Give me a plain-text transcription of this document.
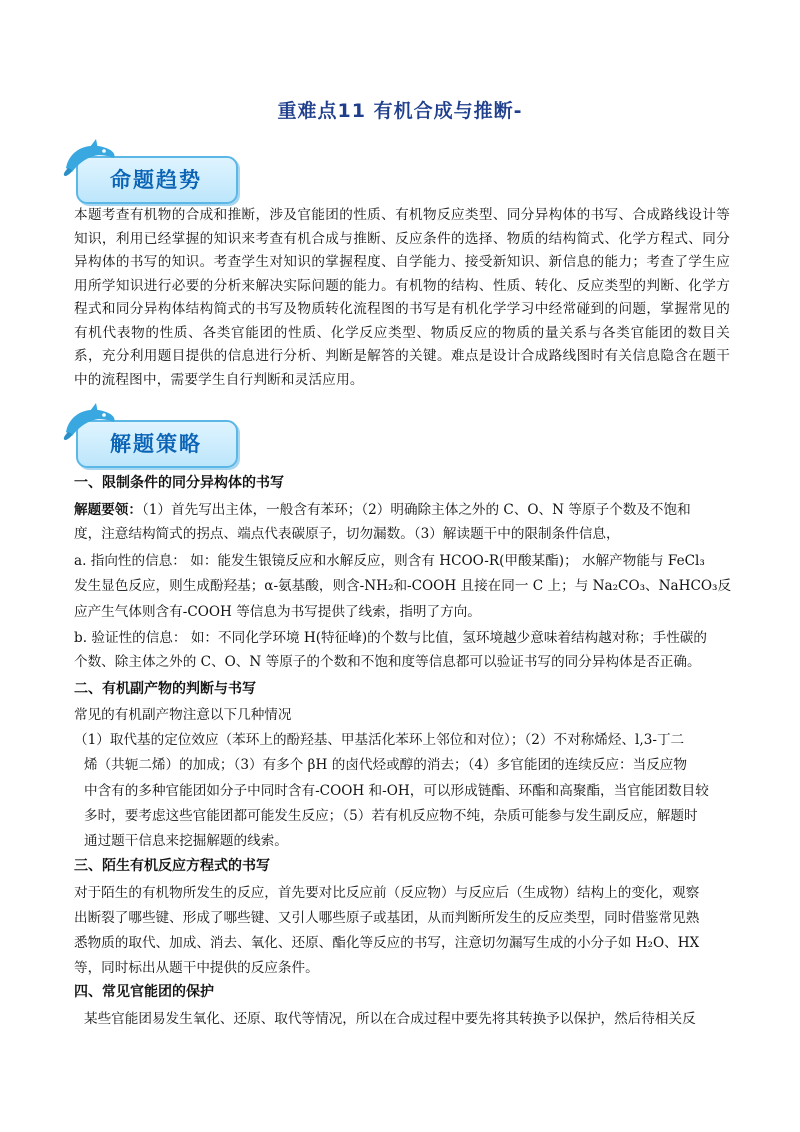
重难点11 有机合成与推断-
命题趋势
本题考查有机物的合成和推断，涉及官能团的性质、有机物反应类型、同分异构体的书写、合成路线设计等知识，利用已经掌握的知识来考查有机合成与推断、反应条件的选择、物质的结构简式、化学方程式、同分异构体的书写的知识。考查学生对知识的掌握程度、自学能力、接受新知识、新信息的能力；考查了学生应用所学知识进行必要的分析来解决实际问题的能力。有机物的结构、性质、转化、反应类型的判断、化学方程式和同分异构体结构简式的书写及物质转化流程图的书写是有机化学学习中经常碰到的问题，掌握常见的有机代表物的性质、各类官能团的性质、化学反应类型、物质反应的物质的量关系与各类官能团的数目关系，充分利用题目提供的信息进行分析、判断是解答的关键。难点是设计合成路线图时有关信息隐含在题干中的流程图中，需要学生自行判断和灵活应用。
解题策略
一、限制条件的同分异构体的书写
解题要领：（1）首先写出主体，一般含有苯环；（2）明确除主体之外的 C、O、N 等原子个数及不饱和
度，注意结构简式的拐点、端点代表碳原子，切勿漏数。（3）解读题干中的限制条件信息，
a. 指向性的信息： 如：能发生银镜反应和水解反应，则含有 HCOO-R(甲酸某酯)； 水解产物能与 FeCl₃
发生显色反应，则生成酚羟基；α-氨基酸，则含-NH₂和-COOH 且接在同一 C 上；与 Na₂CO₃、NaHCO₃反
应产生气体则含有-COOH 等信息为书写提供了线索，指明了方向。
b. 验证性的信息： 如：不同化学环境 H(特征峰)的个数与比值，氢环境越少意味着结构越对称；手性碳的
个数、除主体之外的 C、O、N 等原子的个数和不饱和度等信息都可以验证书写的同分异构体是否正确。
二、有机副产物的判断与书写
常见的有机副产物注意以下几种情况
（1）取代基的定位效应（苯环上的酚羟基、甲基活化苯环上邻位和对位）；（2）不对称烯烃、l,3-丁二
烯（共轭二烯）的加成；（3）有多个 βH 的卤代烃或醇的消去；（4）多官能团的连续反应：当反应物
中含有的多种官能团如分子中同时含有-COOH 和-OH，可以形成链酯、环酯和高聚酯，当官能团数目较
多时，要考虑这些官能团都可能发生反应；（5）若有机反应物不纯，杂质可能参与发生副反应，解题时
通过题干信息来挖掘解题的线索。
三、陌生有机反应方程式的书写
对于陌生的有机物所发生的反应，首先要对比反应前（反应物）与反应后（生成物）结构上的变化，观察
出断裂了哪些键、形成了哪些键、又引人哪些原子或基团，从而判断所发生的反应类型，同时借鉴常见熟
悉物质的取代、加成、消去、氧化、还原、酯化等反应的书写，注意切勿漏写生成的小分子如 H₂O、HX
等，同时标出从题干中提供的反应条件。
四、常见官能团的保护
某些官能团易发生氧化、还原、取代等情况，所以在合成过程中要先将其转换予以保护，然后待相关反
